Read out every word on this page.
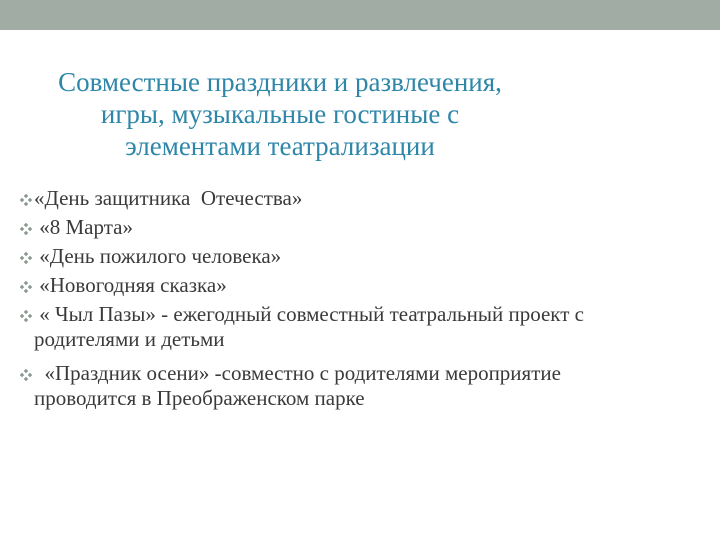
Совместные праздники и развлечения,
игры, музыкальные гостиные с
элементами театрализации
«День защитника  Отечества»
«8 Марта»
«День пожилого человека»
«Новогодняя сказка»
« Чыл Пазы» - ежегодный совместный театральный проект с родителями и детьми
«Праздник осени» -совместно с родителями мероприятие проводится в Преображенском парке
